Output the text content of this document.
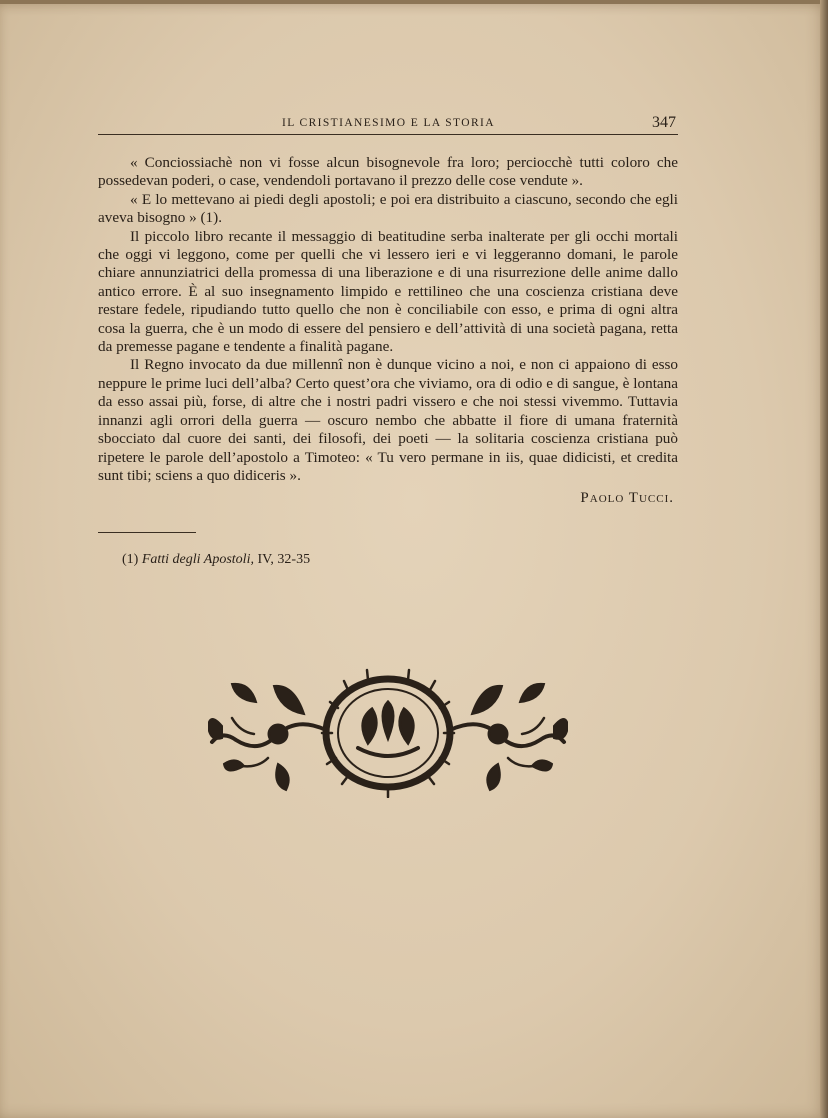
IL CRISTIANESIMO E LA STORIA	347

« Conciossiachè non vi fosse alcun bisognevole fra loro; perciocchè tutti coloro che possedevan poderi, o case, vendendoli portavano il prezzo delle cose vendute ».

« E lo mettevano ai piedi degli apostoli; e poi era distribuito a ciascuno, secondo che egli aveva bisogno » (1).

Il piccolo libro recante il messaggio di beatitudine serba inalterate per gli occhi mortali che oggi vi leggono, come per quelli che vi lessero ieri e vi leggeranno domani, le parole chiare annunziatrici della promessa di una liberazione e di una risurrezione delle anime dallo antico errore. È al suo insegnamento limpido e rettilineo che una coscienza cristiana deve restare fedele, ripudiando tutto quello che non è conciliabile con esso, e prima di ogni altra cosa la guerra, che è un modo di essere del pensiero e dell’attività di una società pagana, retta da premesse pagane e tendente a finalità pagane.

Il Regno invocato da due millennî non è dunque vicino a noi, e non ci appaiono di esso neppure le prime luci dell’alba? Certo quest’ora che viviamo, ora di odio e di sangue, è lontana da esso assai più, forse, di altre che i nostri padri vissero e che noi stessi vivemmo. Tuttavia innanzi agli orrori della guerra — oscuro nembo che abbatte il fiore di umana fraternità sbocciato dal cuore dei santi, dei filosofi, dei poeti — la solitaria coscienza cristiana può ripetere le parole dell’apostolo a Timoteo: « Tu vero permane in iis, quae didicisti, et credita sunt tibi; sciens a quo didiceris ».

Paolo Tucci.
(1) Fatti degli Apostoli, IV, 32-35
